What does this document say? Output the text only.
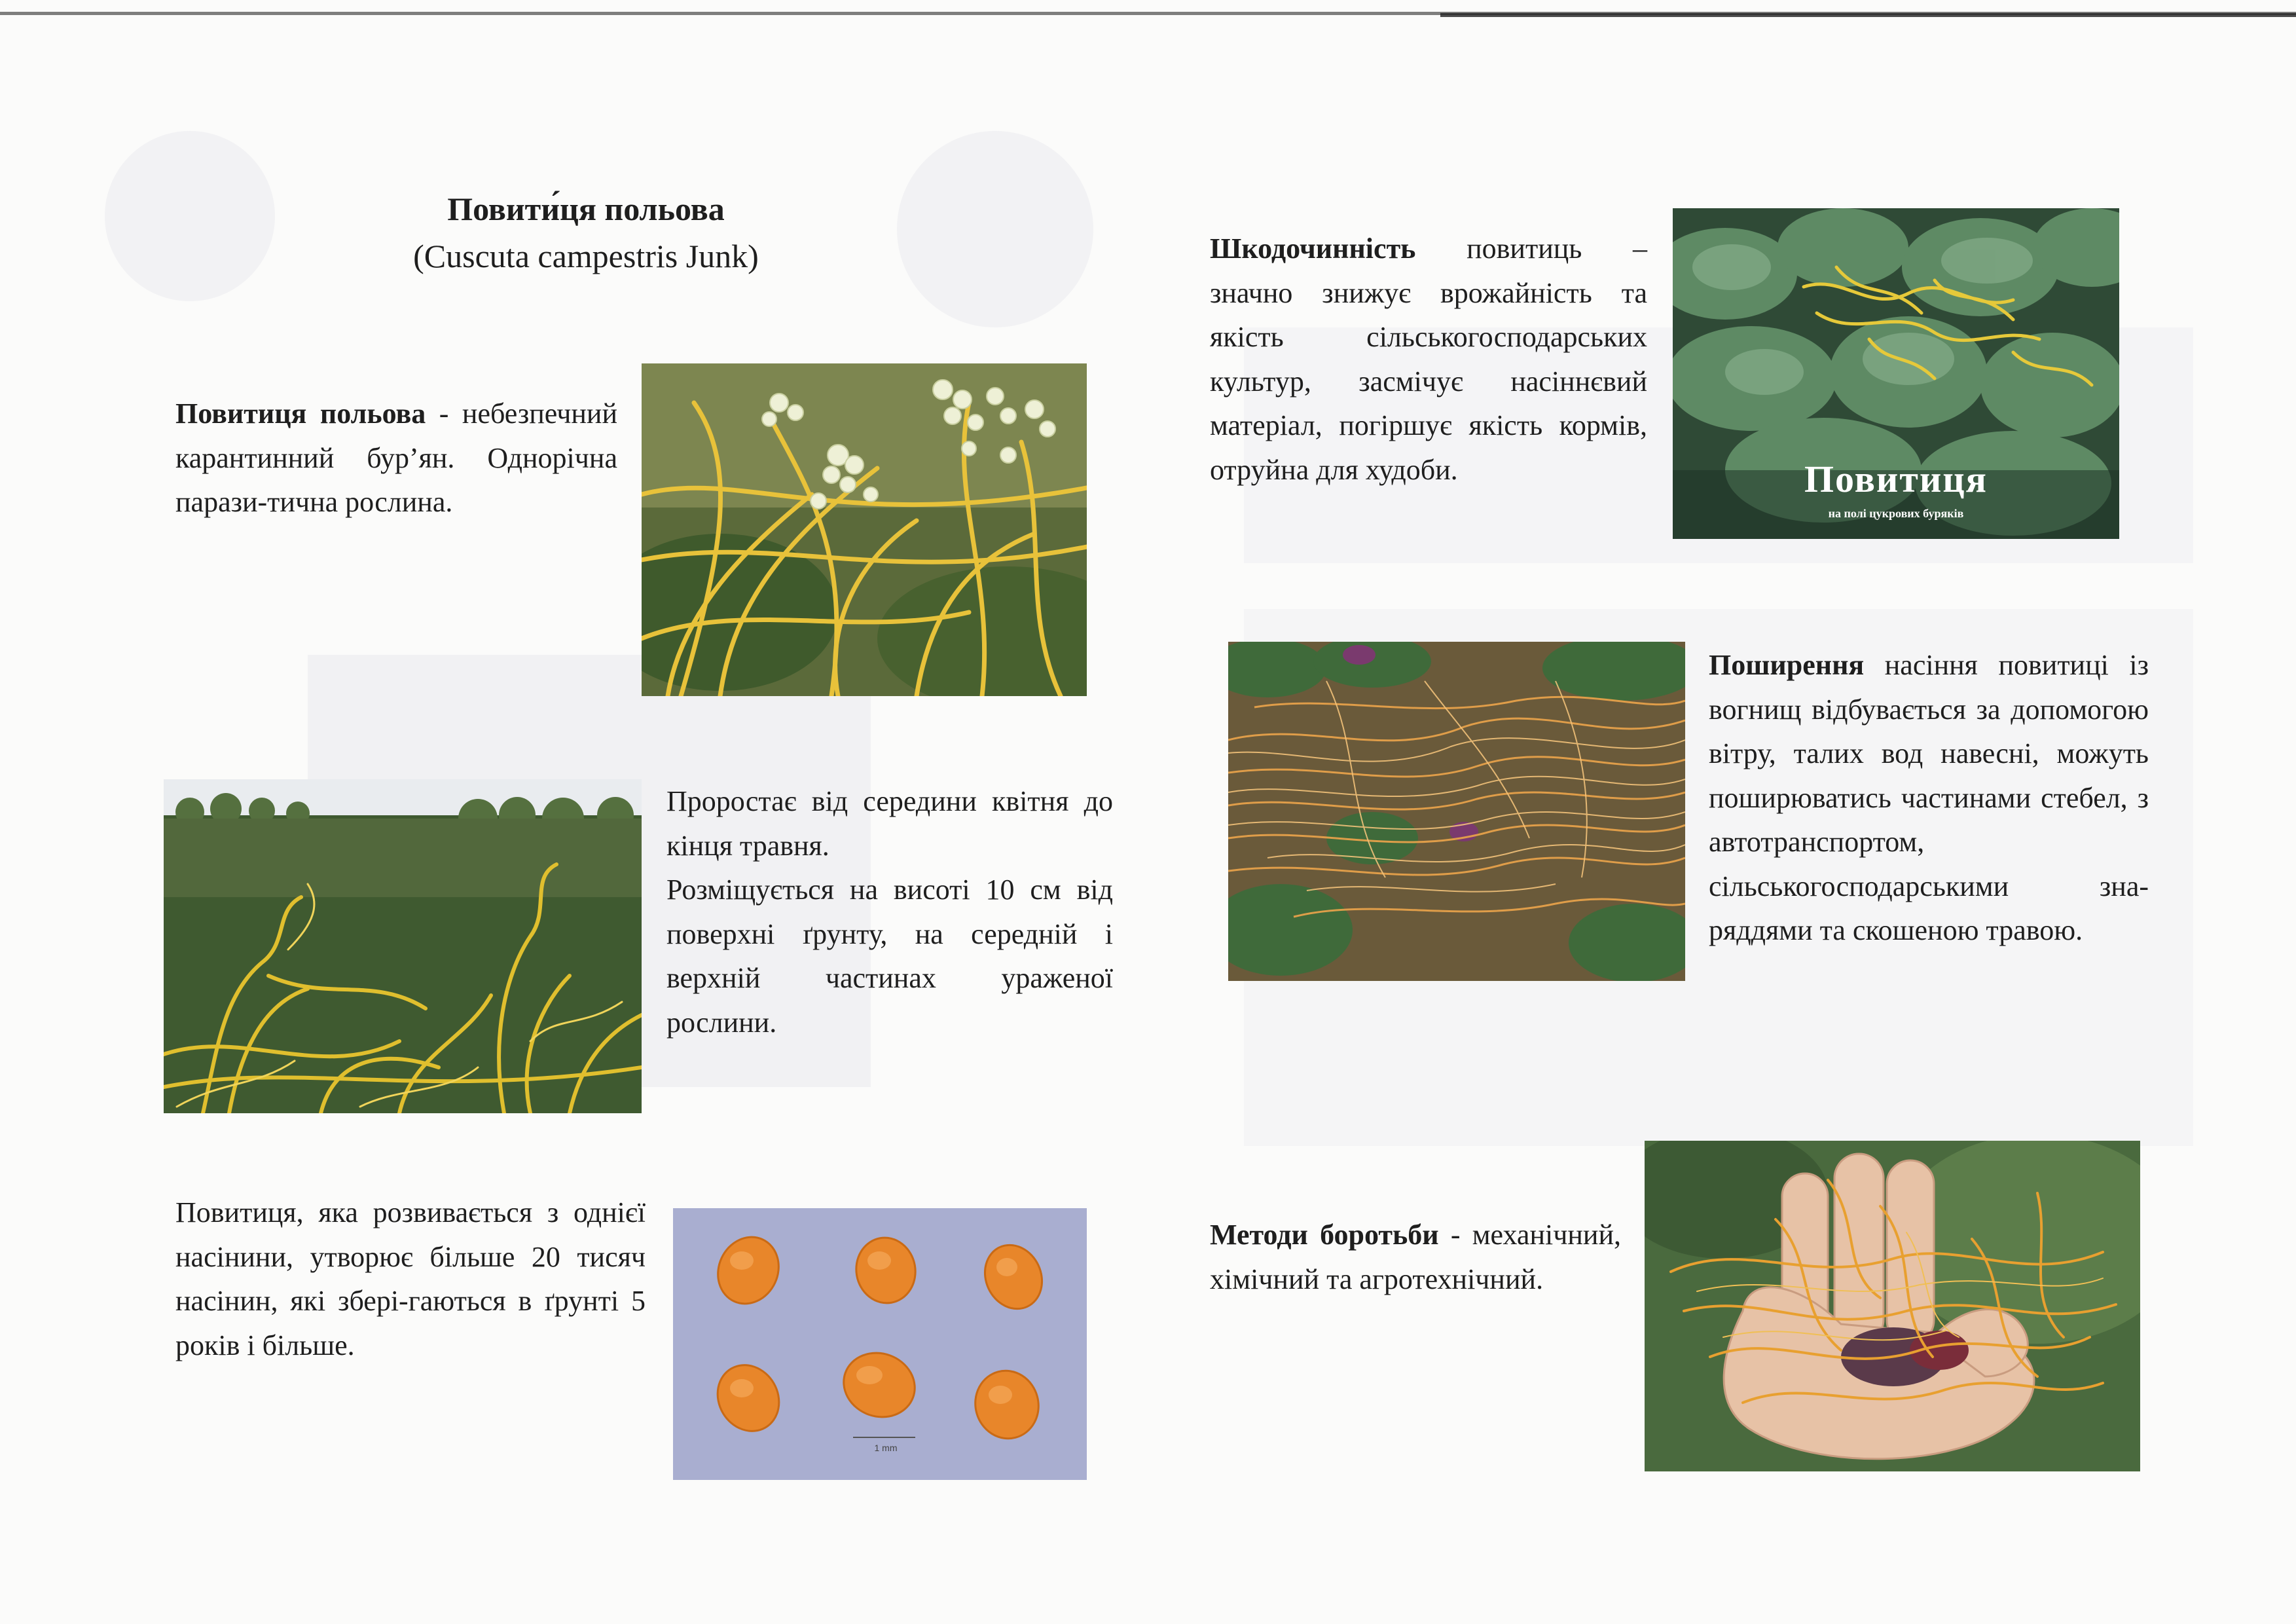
Повити́ця польова
(Cuscuta campestris Junk)
Повитиця польова - небезпечний карантинний бур’ян. Однорічна парази-тична рослина.
Проростає від середини квітня до кінця травня.
Розміщується на висоті 10 см від поверхні ґрунту, на середній і верхній частинах ураженої рослини.
Повитиця, яка розвивається з однієї насінини, утворює більше 20 тисяч насінин, які збері-гаються в ґрунті 5 років і більше.
1 mm
Шкодочинність повитиць – значно знижує врожайність та якість сільськогосподарських культур, засмічує насіннєвий матеріал, погіршує якість кормів, отруйна для худоби.	Повитиця
на полі цукрових буряків
Поширення насіння повитиці із вогнищ відбувається за допомогою вітру, талих вод навесні, можуть поширюватись частинами стебел, з автотранспортом, сільськогосподарськими зна-ряддями та скошеною травою.
Методи боротьби - механічний, хімічний та агротехнічний.
